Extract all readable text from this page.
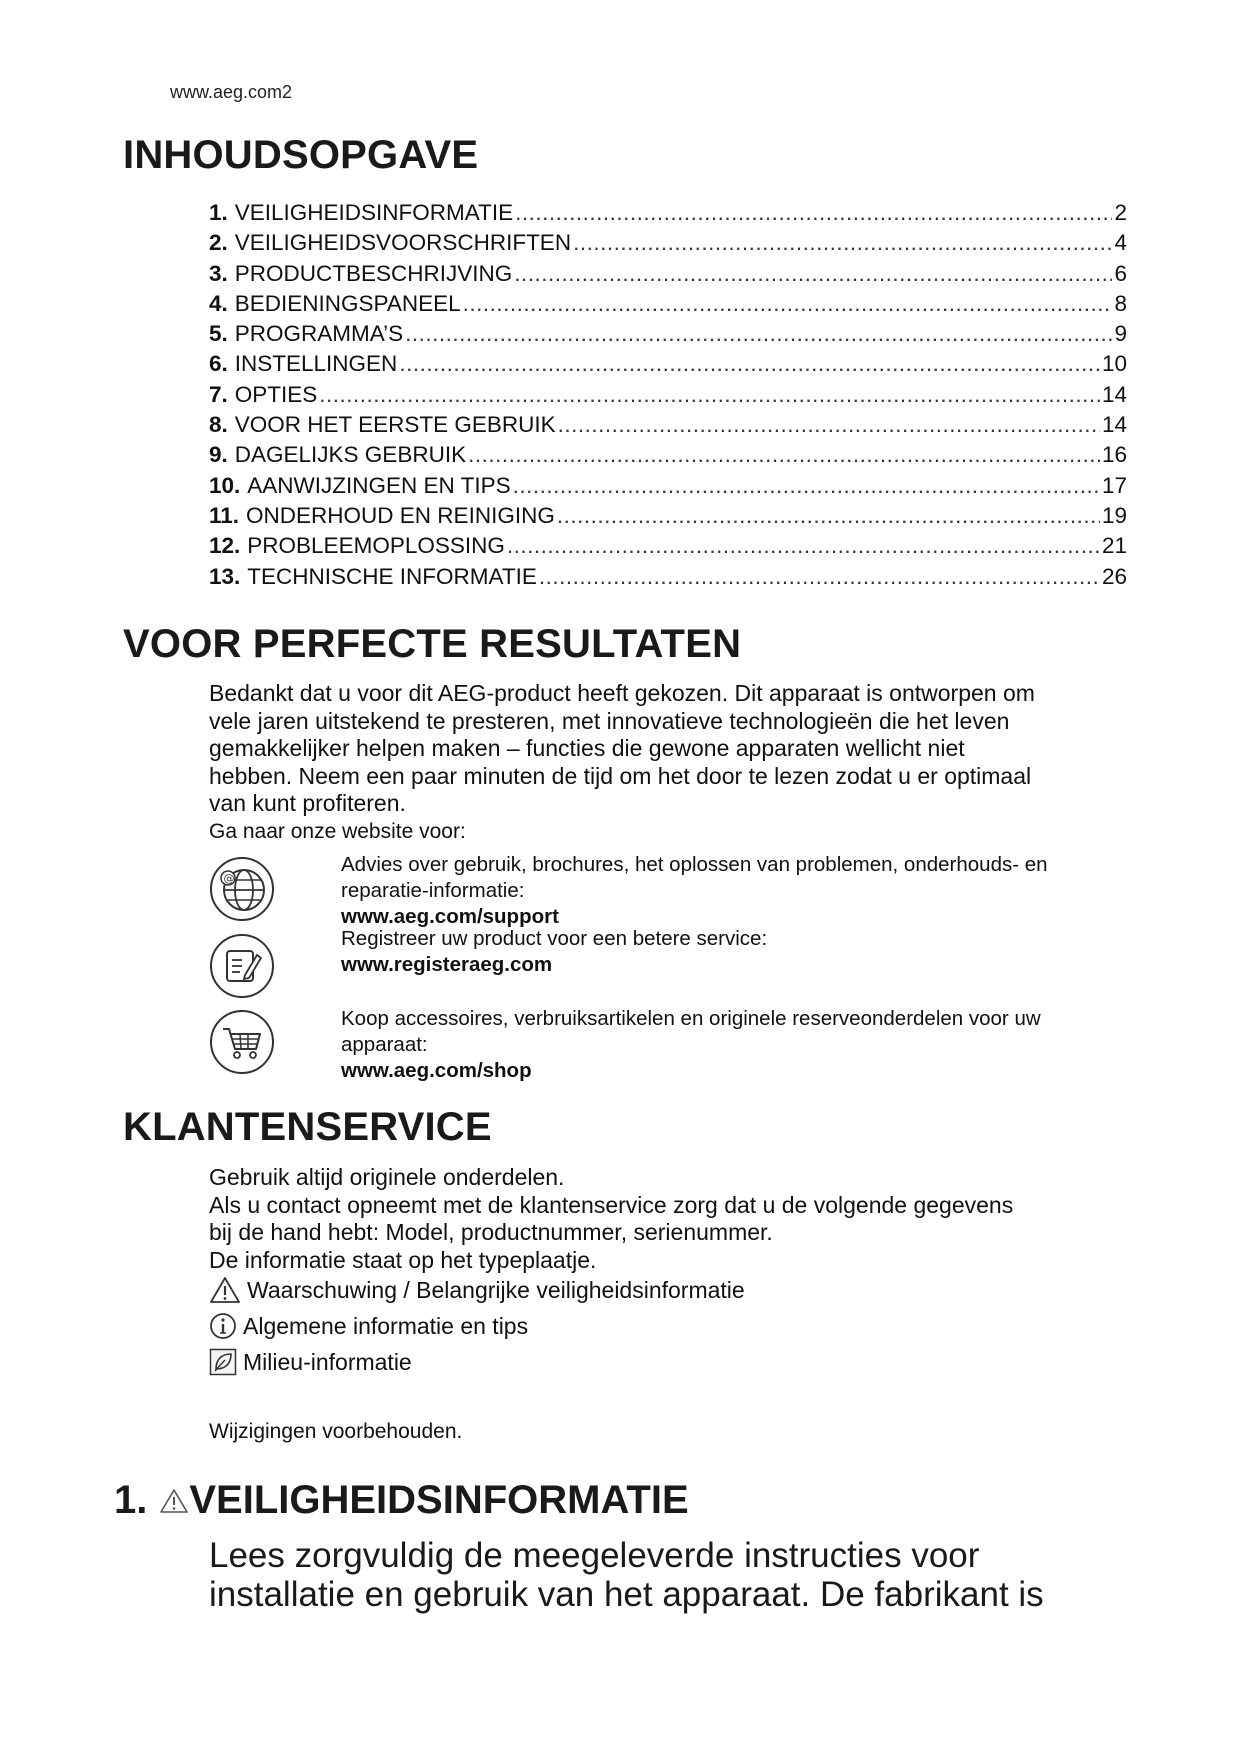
www.aeg.com2
INHOUDSOPGAVE
1. VEILIGHEIDSINFORMATIE .....	2
2. VEILIGHEIDSVOORSCHRIFTEN .....	4
3. PRODUCTBESCHRIJVING .....	6
4. BEDIENINGSPANEEL .....	8
5. PROGRAMMA’S .....	9
6. INSTELLINGEN .....	10
7. OPTIES .....	14
8. VOOR HET EERSTE GEBRUIK .....	14
9. DAGELIJKS GEBRUIK .....	16
10. AANWIJZINGEN EN TIPS .....	17
11. ONDERHOUD EN REINIGING .....	19
12. PROBLEEMOPLOSSING .....	21
13. TECHNISCHE INFORMATIE .....	26
VOOR PERFECTE RESULTATEN

Bedankt dat u voor dit AEG-product heeft gekozen. Dit apparaat is ontworpen om

vele jaren uitstekend te presteren, met innovatieve technologieën die het leven

gemakkelijker helpen maken – functies die gewone apparaten wellicht niet

hebben. Neem een paar minuten de tijd om het door te lezen zodat u er optimaal

van kunt profiteren.

Ga naar onze website voor:
@
Advies over gebruik, brochures, het oplossen van problemen, onderhouds- en
reparatie-informatie:
www.aeg.com/support
Registreer uw product voor een betere service:
www.registeraeg.com
Koop accessoires, verbruiksartikelen en originele reserveonderdelen voor uw
apparaat:
www.aeg.com/shop
KLANTENSERVICE

Gebruik altijd originele onderdelen.

Als u contact opneemt met de klantenservice zorg dat u de volgende gegevens

bij de hand hebt: Model, productnummer, serienummer.

De informatie staat op het typeplaatje.

Waarschuwing / Belangrijke veiligheidsinformatie
Algemene informatie en tips
Milieu-informatie
Wijzigingen voorbehouden.
1. VEILIGHEIDSINFORMATIE
Lees zorgvuldig de meegeleverde instructies voor
installatie en gebruik van het apparaat. De fabrikant is
